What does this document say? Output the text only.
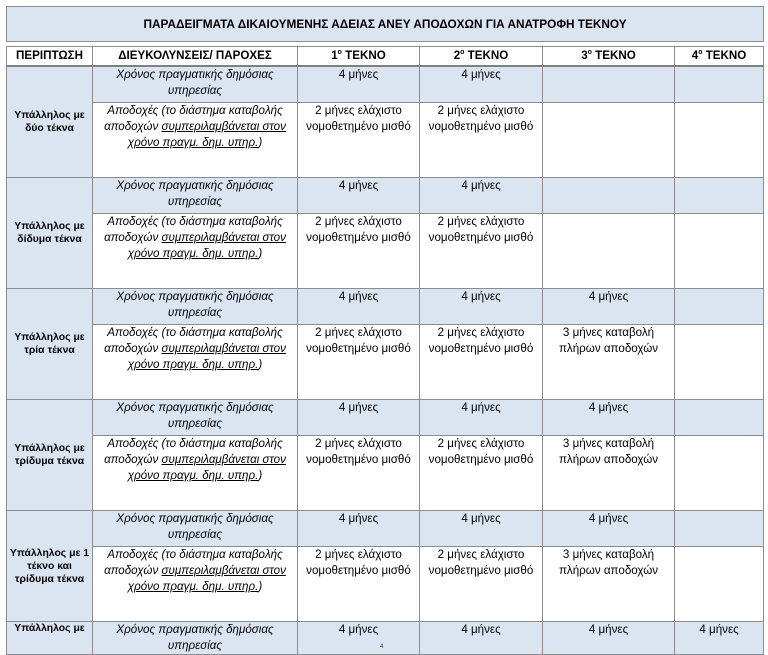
ΠΑΡΑΔΕΙΓΜΑΤΑ ΔΙΚΑΙΟΥΜΕΝΗΣ ΑΔΕΙΑΣ ΑΝΕΥ ΑΠΟΔΟΧΩΝ ΓΙΑ ΑΝΑΤΡΟΦΗ ΤΕΚΝΟΥ					

ΠΕΡΙΠΤΩΣΗ	ΔΙΕΥΚΟΛΥΝΣΕΙΣ/ ΠΑΡΟΧΕΣ	$1^o$ ΤΕΚΝΟ	$2^o$ ΤΕΚΝΟ	$3^o$ ΤΕΚΝΟ	$4^o$ ΤΕΚΝΟ
Υπάλληλος με δύο τέκνα	Χρόνος πραγματικής δημόσιας υπηρεσίας	4 μήνες	4 μήνες		
	Αποδοχές (το διάστημα καταβολής αποδοχών συμπεριλαμβάνεται στον χρόνο πραγμ. δημ. υπηρ.)	2 μήνες ελάχιστο νομοθετημένο μισθό	2 μήνες ελάχιστο νομοθετημένο μισθό		
Υπάλληλος με δίδυμα τέκνα	Χρόνος πραγματικής δημόσιας υπηρεσίας	4 μήνες	4 μήνες		
	Αποδοχές (το διάστημα καταβολής αποδοχών συμπεριλαμβάνεται στον χρόνο πραγμ. δημ. υπηρ.)	2 μήνες ελάχιστο νομοθετημένο μισθό	2 μήνες ελάχιστο νομοθετημένο μισθό		
Υπάλληλος με τρία τέκνα	Χρόνος πραγματικής δημόσιας υπηρεσίας	4 μήνες	4 μήνες	4 μήνες	
	Αποδοχές (το διάστημα καταβολής αποδοχών συμπεριλαμβάνεται στον χρόνο πραγμ. δημ. υπηρ.)	2 μήνες ελάχιστο νομοθετημένο μισθό	2 μήνες ελάχιστο νομοθετημένο μισθό	3 μήνες καταβολή πλήρων αποδοχών	
Υπάλληλος με τρίδυμα τέκνα	Χρόνος πραγματικής δημόσιας υπηρεσίας	4 μήνες	4 μήνες	4 μήνες	
	Αποδοχές (το διάστημα καταβολής αποδοχών συμπεριλαμβάνεται στον χρόνο πραγμ. δημ. υπηρ.)	2 μήνες ελάχιστο νομοθετημένο μισθό	2 μήνες ελάχιστο νομοθετημένο μισθό	3 μήνες καταβολή πλήρων αποδοχών	
Υπάλληλος με 1 τέκνο και τρίδυμα τέκνα	Χρόνος πραγματικής δημόσιας υπηρεσίας	4 μήνες	4 μήνες	4 μήνες	
	Αποδοχές (το διάστημα καταβολής αποδοχών συμπεριλαμβάνεται στον χρόνο πραγμ. δημ. υπηρ.)	2 μήνες ελάχιστο νομοθετημένο μισθό	2 μήνες ελάχιστο νομοθετημένο μισθό	3 μήνες καταβολή πλήρων αποδοχών	
Υπάλληλος με	Χρόνος πραγματικής δημόσιας υπηρεσίας	4 μήνες	4 μήνες	4 μήνες	4 μήνες
4
